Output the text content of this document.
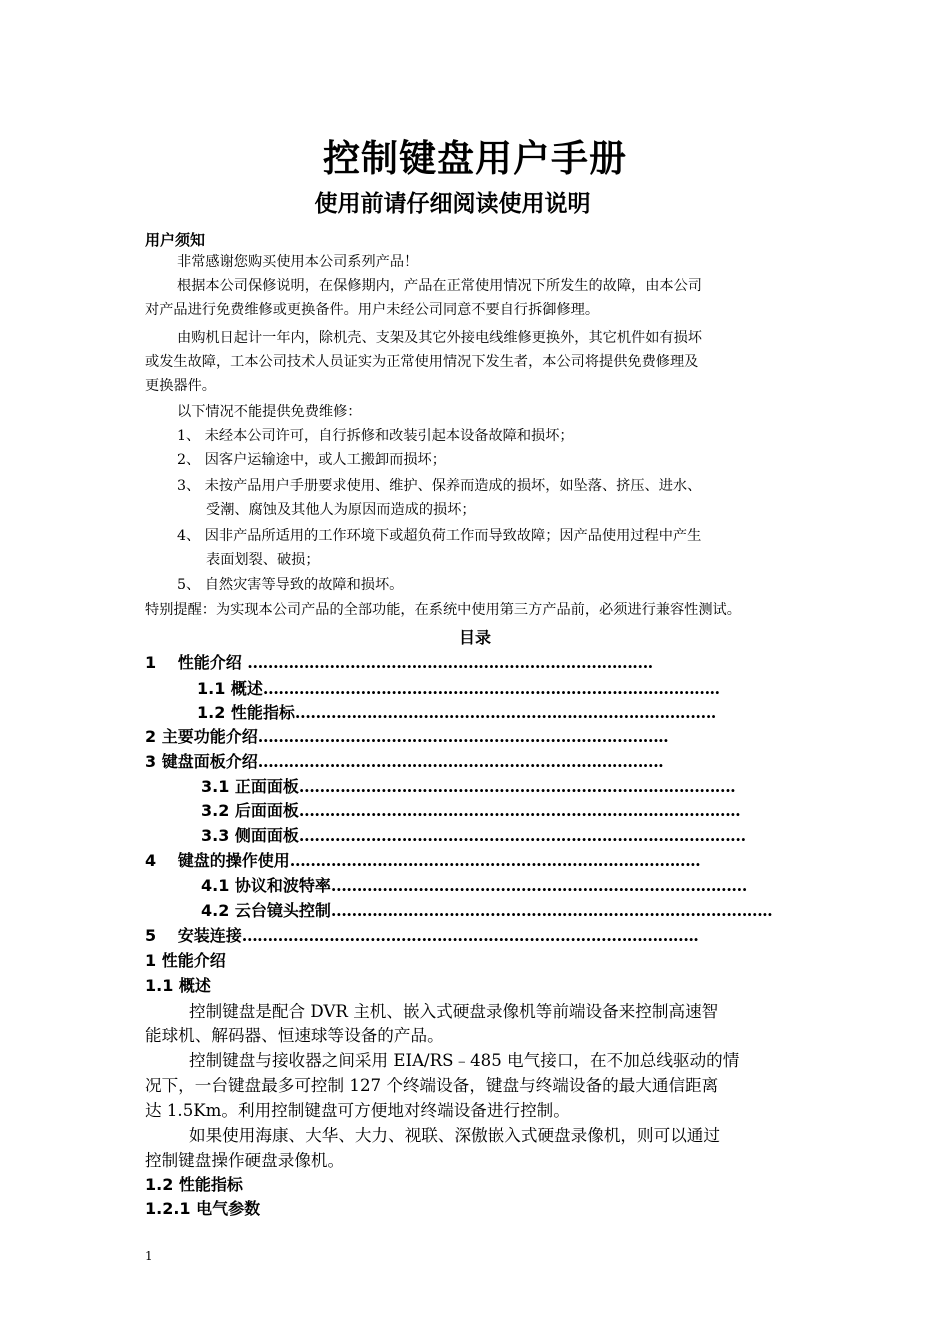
控制键盘用户手册
使用前请仔细阅读使用说明
用户须知
非常感谢您购买使用本公司系列产品！
根据本公司保修说明，在保修期内，产品在正常使用情况下所发生的故障，由本公司
对产品进行免费维修或更换备件。用户未经公司同意不要自行拆御修理。
由购机日起计一年内，除机壳、支架及其它外接电线维修更换外，其它机件如有损坏
或发生故障，工本公司技术人员证实为正常使用情况下发生者，本公司将提供免费修理及
更换器件。
以下情况不能提供免费维修：
1、 未经本公司许可，自行拆修和改装引起本设备故障和损坏；
2、 因客户运输途中，或人工搬卸而损坏；
3、 未按产品用户手册要求使用、维护、保养而造成的损坏，如坠落、挤压、进水、
受潮、腐蚀及其他人为原因而造成的损坏；
4、 因非产品所适用的工作环境下或超负荷工作而导致故障；因产品使用过程中产生
表面划裂、破损；
5、 自然灾害等导致的故障和损坏。
特别提醒：为实现本公司产品的全部功能，在系统中使用第三方产品前，必须进行兼容性测试。
目录
1　 性能介绍 …………………………………………………………………….
1.1 概述……………………………………………………………………………..
1.2 性能指标……………………………………………………………………….
2 主要功能介绍……………………………………………………………………..
3 键盘面板介绍…………………………………………………………………….
3.1 正面面板………………………………………………………………………….
3.2 后面面板…………………………………………………………………………..
3.3 侧面面板……………………………………………………………………………
4　 键盘的操作使用……………………………………………………………………..
4.1 协议和波特率………………………………………………………………………
4.2 云台镜头控制…………………………………………………………………………..
5　 安装连接……………………………………………………………………………..
1 性能介绍
1.1 概述
控制键盘是配合 DVR 主机、嵌入式硬盘录像机等前端设备来控制高速智
能球机、解码器、恒速球等设备的产品。
控制键盘与接收器之间采用 EIA/RS﹣485 电气接口，在不加总线驱动的情
况下，一台键盘最多可控制 127 个终端设备，键盘与终端设备的最大通信距离
达 1.5Km。利用控制键盘可方便地对终端设备进行控制。
如果使用海康、大华、大力、视联、深傲嵌入式硬盘录像机，则可以通过
控制键盘操作硬盘录像机。
1.2 性能指标
1.2.1 电气参数
1
